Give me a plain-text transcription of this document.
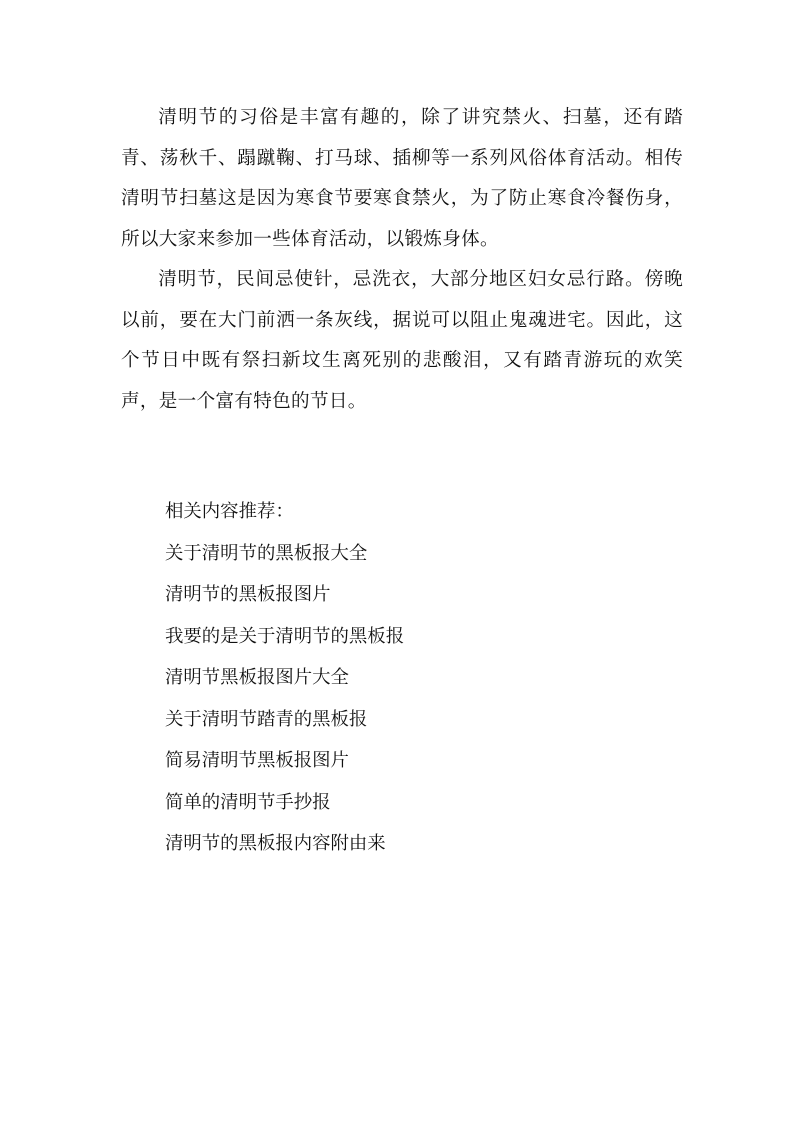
清明节的习俗是丰富有趣的，除了讲究禁火、扫墓，还有踏青、荡秋千、蹋蹴鞠、打马球、插柳等一系列风俗体育活动。相传清明节扫墓这是因为寒食节要寒食禁火，为了防止寒食冷餐伤身，所以大家来参加一些体育活动，以锻炼身体。

清明节，民间忌使针，忌洗衣，大部分地区妇女忌行路。傍晚以前，要在大门前洒一条灰线，据说可以阻止鬼魂进宅。因此，这个节日中既有祭扫新坟生离死别的悲酸泪，又有踏青游玩的欢笑声，是一个富有特色的节日。

相关内容推荐：

关于清明节的黑板报大全
清明节的黑板报图片
我要的是关于清明节的黑板报
清明节黑板报图片大全
关于清明节踏青的黑板报
简易清明节黑板报图片
简单的清明节手抄报
清明节的黑板报内容附由来
